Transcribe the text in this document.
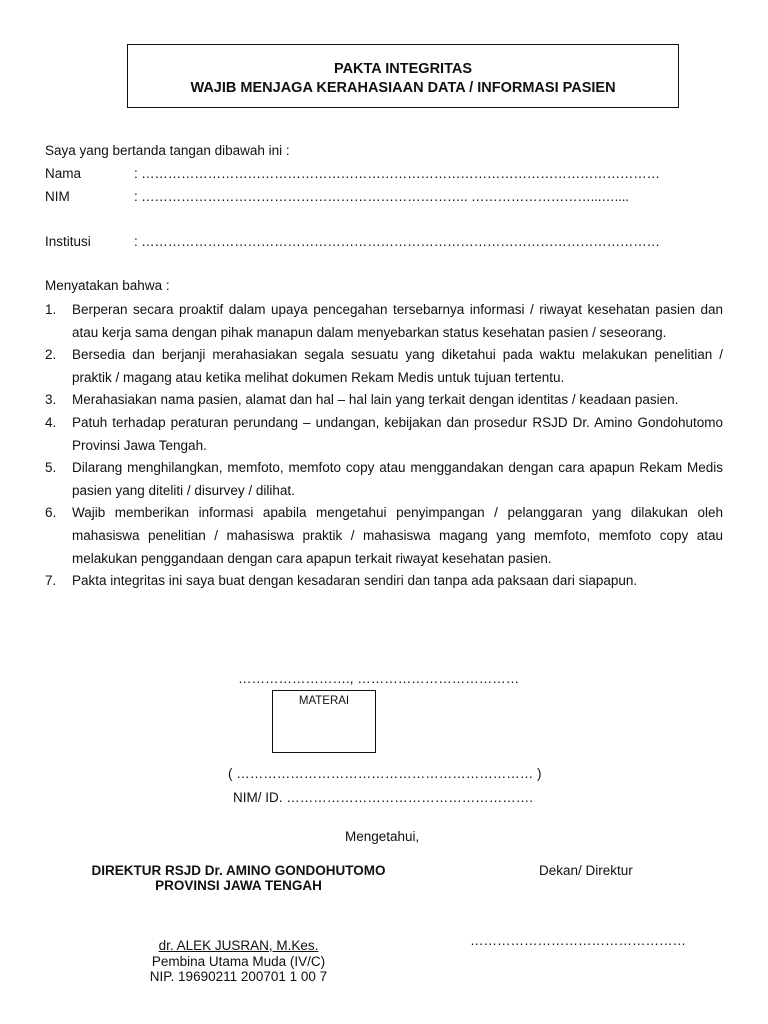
PAKTA INTEGRITAS
WAJIB MENJAGA KERAHASIAAN DATA / INFORMASI PASIEN
Saya yang bertanda tangan dibawah ini :
Nama	: ………………………………………………………………………………………………………
NIM	: ……………………………………………………………….. ………………………...…....
Institusi	: ………………………………………………………………………………………………………
Menyatakan bahwa :
1.	Berperan secara proaktif dalam upaya pencegahan tersebarnya informasi / riwayat kesehatan pasien dan atau kerja sama dengan pihak manapun dalam menyebarkan status kesehatan pasien / seseorang.
2.	Bersedia dan berjanji merahasiakan segala sesuatu yang diketahui pada waktu melakukan penelitian / praktik / magang atau ketika melihat dokumen Rekam Medis untuk tujuan tertentu.
3.	Merahasiakan nama pasien, alamat dan hal – hal lain yang terkait dengan identitas / keadaan pasien.
4.	Patuh terhadap peraturan perundang – undangan, kebijakan dan prosedur RSJD Dr. Amino Gondohutomo Provinsi Jawa Tengah.
5.	Dilarang menghilangkan, memfoto, memfoto copy atau menggandakan dengan cara apapun Rekam Medis pasien yang diteliti / disurvey / dilihat.
6.	Wajib memberikan informasi apabila mengetahui penyimpangan / pelanggaran yang dilakukan oleh mahasiswa penelitian / mahasiswa praktik / mahasiswa magang yang memfoto, memfoto copy atau melakukan penggandaan dengan cara apapun terkait riwayat kesehatan pasien.
7.	Pakta integritas ini saya buat dengan kesadaran sendiri dan tanpa ada paksaan dari siapapun.
……………………., ………………………………
MATERAI
( ………………………………………………………… )
NIM/ ID. ……………………………………………….
Mengetahui,
DIREKTUR RSJD Dr. AMINO GONDOHUTOMO
PROVINSI JAWA TENGAH
Dekan/ Direktur
dr. ALEK JUSRAN, M.Kes.
Pembina Utama Muda (IV/C)
NIP. 19690211 200701 1 00 7
…………………………………………
